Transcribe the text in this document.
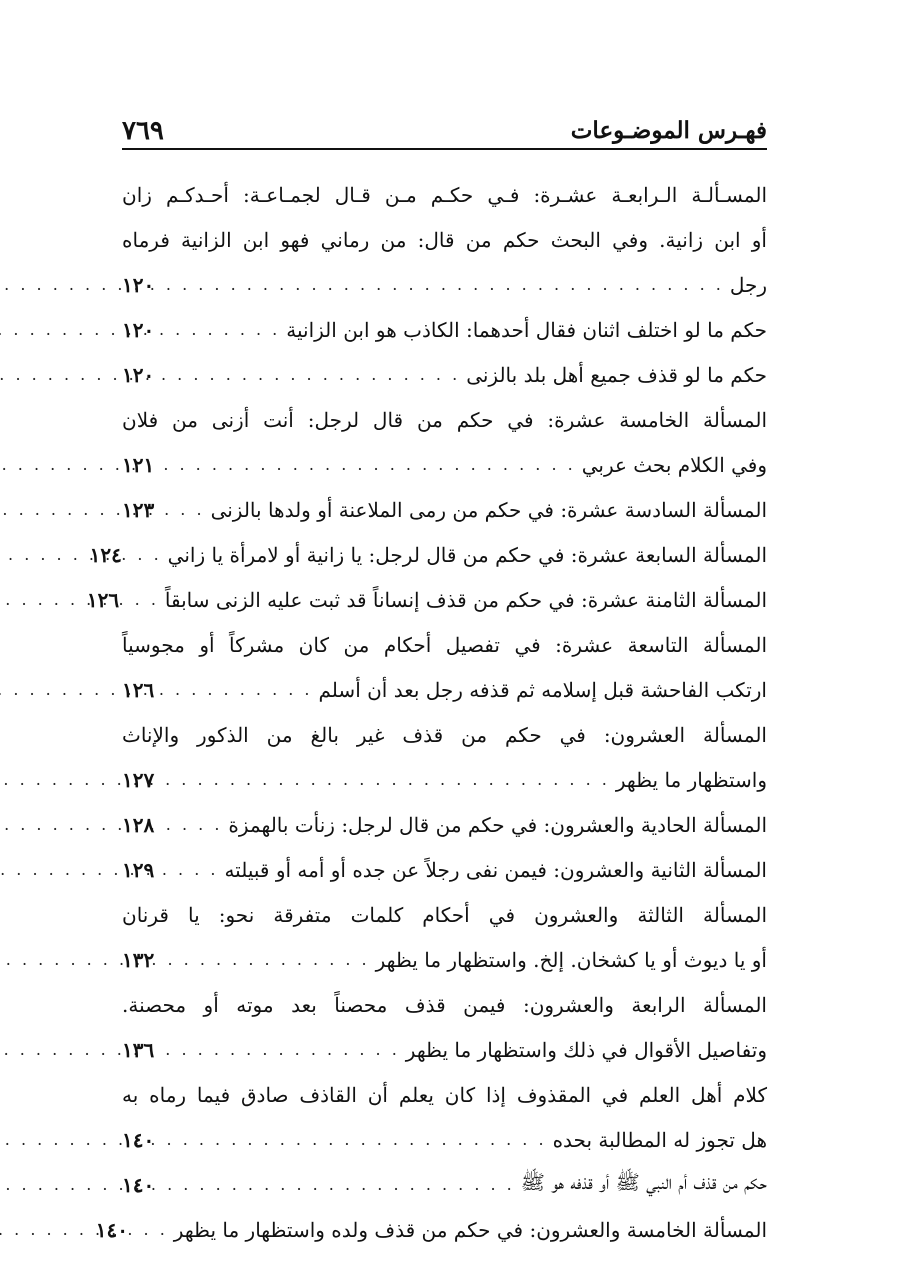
فهـرس الموضـوعات
٧٦٩
المسـألـة الـرابعـة عشـرة: فـي حكـم مـن قـال لجمـاعـة: أحـدكـم زان
أو ابن زانية. وفي البحث حكم من قال: من رماني فهو ابن الزانية فرماه
رجل
. . .
١٢٠
حكم ما لو اختلف اثنان فقال أحدهما: الكاذب هو ابن الزانية
. . .
١٢٠
حكم ما لو قذف جميع أهل بلد بالزنى
. . .
١٢٠
المسألة الخامسة عشرة: في حكم من قال لرجل: أنت أزنى من فلان
وفي الكلام بحث عربي
. . .
١٢١
المسألة السادسة عشرة: في حكم من رمى الملاعنة أو ولدها بالزنى
. . .
١٢٣
المسألة السابعة عشرة: في حكم من قال لرجل: يا زانية أو لامرأة يا زاني
. . .
١٢٤
المسألة الثامنة عشرة: في حكم من قذف إنساناً قد ثبت عليه الزنى سابقاً
. . .
١٢٦
المسألة التاسعة عشرة: في تفصيل أحكام من كان مشركاً أو مجوسياً
ارتكب الفاحشة قبل إسلامه ثم قذفه رجل بعد أن أسلم
. . .
١٢٦
المسألة العشرون: في حكم من قذف غير بالغ من الذكور والإناث
واستظهار ما يظهر
. . .
١٢٧
المسألة الحادية والعشرون: في حكم من قال لرجل: زنأت بالهمزة
. . .
١٢٨
المسألة الثانية والعشرون: فيمن نفى رجلاً عن جده أو أمه أو قبيلته
. . .
١٢٩
المسألة الثالثة والعشرون في أحكام كلمات متفرقة نحو: يا قرنان
أو يا ديوث أو يا كشخان. إلخ. واستظهار ما يظهر
. . .
١٣٢
المسألة الرابعة والعشرون: فيمن قذف محصناً بعد موته أو محصنة.
وتفاصيل الأقوال في ذلك واستظهار ما يظهر
. . .
١٣٦
كلام أهل العلم في المقذوف إذا كان يعلم أن القاذف صادق فيما رماه به
هل تجوز له المطالبة بحده
. . .
١٤٠
حكم من قذف أم النبي ﷺ أو قذفه هو ﷺ
. . .
١٤٠
المسألة الخامسة والعشرون: في حكم من قذف ولده واستظهار ما يظهر
. . .
١٤٠
